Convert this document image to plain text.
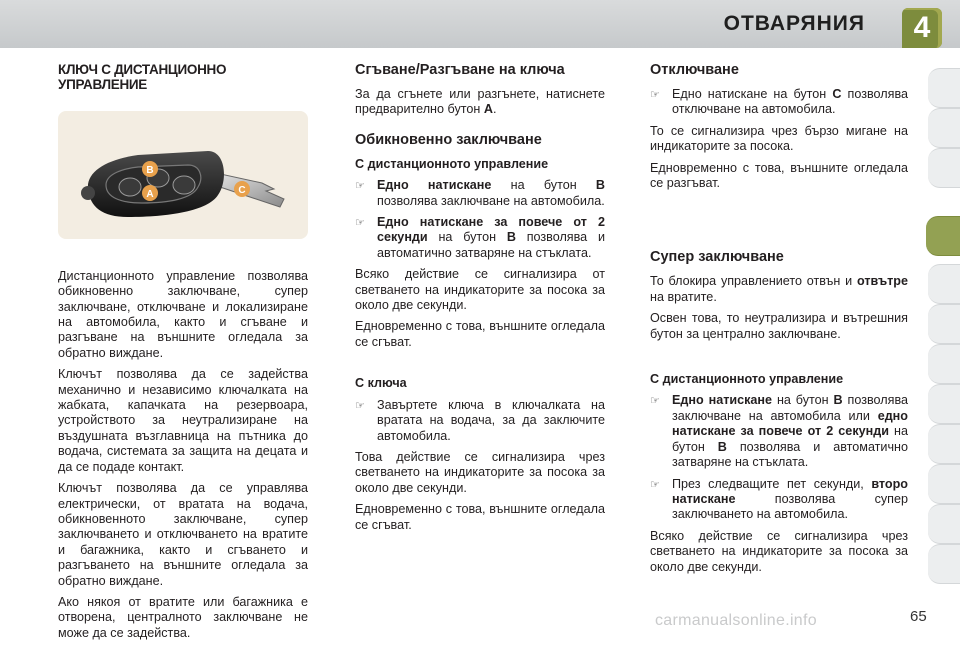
ОТВАРЯНИЯ	4
КЛЮЧ С ДИСТАНЦИОННО УПРАВЛЕНИЕ
B
A	C

Дистанционното управление позволява обикновенно заключване, супер заключване, отключване и локализиране на автомобила, както и сгъване и разгъване на външните огледала за обратно виждане.

Ключът позволява да се задейства механично и независимо ключалката на жабката, капачката на резервоара, устройството за неутрализиране на въздушната възглавница на пътника до водача, системата за защита на децата и да се подаде контакт.

Ключът позволява да се управлява електрически, от вратата на водача, обикновенното заключване, супер заключването и отключването на вратите и багажника, както и сгъването и разгъването на външните огледала за обратно виждане.

Ако някоя от вратите или багажника е отворена, централното заключване не може да се задейства.

Сгъване/Разгъване на ключа

За да сгънете или разгънете, натиснете предварително бутон А.

Обикновенно заключване
С дистанционното управление
☞ Едно натискане на бутон В позволява заключване на автомобила.
☞ Едно натискане за повече от 2 секунди на бутон В позволява и автоматично затваряне на стъклата.

Всяко действие се сигнализира от светването на индикаторите за посока за около две секунди.

Едновременно с това, външните огледала се сгъват.

С ключа
☞ Завъртете ключа в ключалката на вратата на водача, за да заключите автомобила.

Това действие се сигнализира чрез светването на индикаторите за посока за около две секунди.

Едновременно с това, външните огледала се сгъват.

Отключване
☞ Едно натискане на бутон С позволява отключване на автомобила.

То се сигнализира чрез бързо мигане на индикаторите за посока.

Едновременно с това, външните огледала се разгъват.

Супер заключване

То блокира управлението отвън и отвътре на вратите.

Освен това, то неутрализира и вътрешния бутон за централно заключване.

С дистанционното управление
☞ Едно натискане на бутон В позволява заключване на автомобила или едно натискане за повече от 2 секунди на бутон В позволява и автоматично затваряне на стъклата.
☞ През следващите пет секунди, второ натискане позволява супер заключването на автомобила.

Всяко действие се сигнализира чрез светването на индикаторите за посока за около две секунди.

carmanualsonline.info	65
